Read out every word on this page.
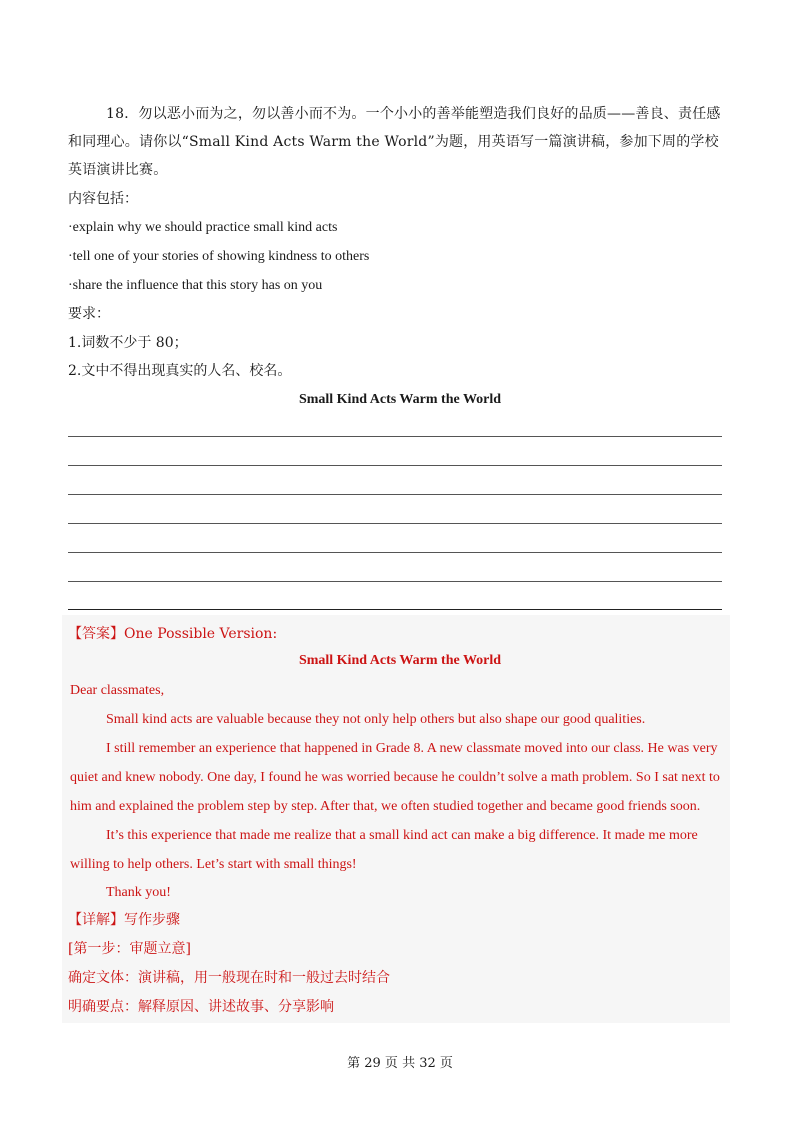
18．勿以恶小而为之，勿以善小而不为。一个小小的善举能塑造我们良好的品质——善良、责任感和同理心。请你以“Small Kind Acts Warm the World”为题，用英语写一篇演讲稿，参加下周的学校英语演讲比赛。
内容包括：
·explain why we should practice small kind acts
·tell one of your stories of showing kindness to others
·share the influence that this story has on you
要求：
1.词数不少于 80；
2.文中不得出现真实的人名、校名。
Small Kind Acts Warm the World
【答案】One Possible Version:
Small Kind Acts Warm the World
Dear classmates,
Small kind acts are valuable because they not only help others but also shape our good qualities.
I still remember an experience that happened in Grade 8. A new classmate moved into our class. He was very quiet and knew nobody. One day, I found he was worried because he couldn’t solve a math problem. So I sat next to him and explained the problem step by step. After that, we often studied together and became good friends soon.
It’s this experience that made me realize that a small kind act can make a big difference. It made me more willing to help others. Let’s start with small things!
Thank you!
【详解】写作步骤
[第一步：审题立意]
确定文体：演讲稿，用一般现在时和一般过去时结合
明确要点：解释原因、讲述故事、分享影响
第 29 页 共 32 页
